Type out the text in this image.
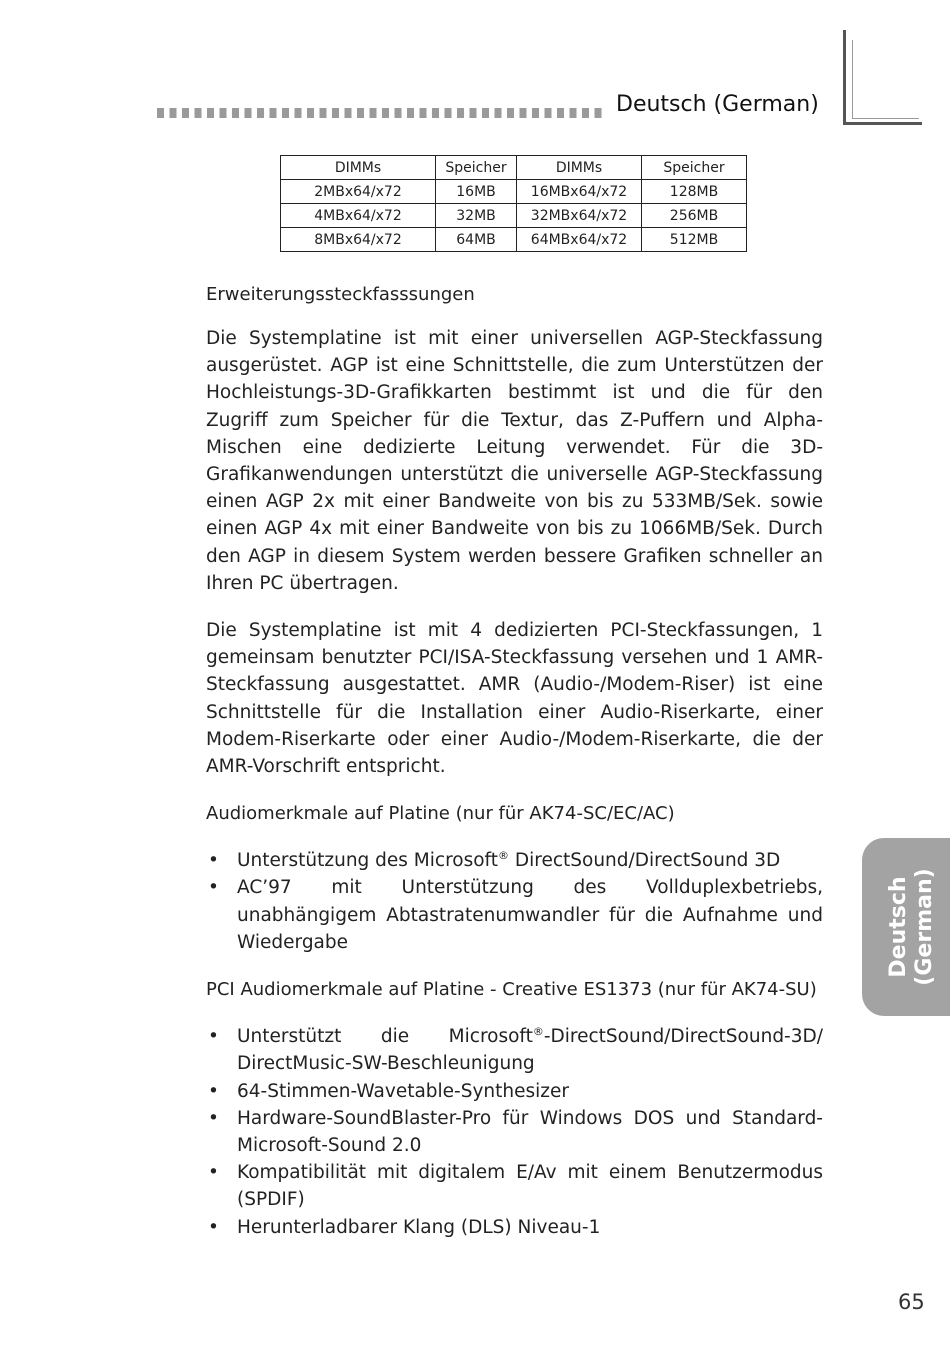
Deutsch (German)
DIMMs	Speicher	DIMMs	Speicher
2MBx64/x72	16MB	16MBx64/x72	128MB
4MBx64/x72	32MB	32MBx64/x72	256MB
8MBx64/x72	64MB	64MBx64/x72	512MB

Erweiterungssteckfasssungen

Die Systemplatine ist mit einer universellen AGP-Steckfassung ausgerüstet. AGP ist eine Schnittstelle, die zum Unterstützen der Hochleistungs-3D-Grafikkarten bestimmt ist und die für den Zugriff zum Speicher für die Textur, das Z-Puffern und Alpha-Mischen eine dedizierte Leitung verwendet. Für die 3D-Grafikanwendungen unterstützt die universelle AGP-Steckfassung einen AGP 2x mit einer Bandweite von bis zu 533MB/Sek. sowie einen AGP 4x mit einer Bandweite von bis zu 1066MB/Sek. Durch den AGP in diesem System werden bessere Grafiken schneller an Ihren PC übertragen.

Die Systemplatine ist mit 4 dedizierten PCI-Steckfassungen, 1 gemeinsam benutzter PCI/ISA-Steckfassung versehen und 1 AMR-Steckfassung ausgestattet. AMR (Audio-/Modem-Riser) ist eine Schnittstelle für die Installation einer Audio-Riserkarte, einer Modem-Riserkarte oder einer Audio-/Modem-Riserkarte, die der AMR-Vorschrift entspricht.

Audiomerkmale auf Platine (nur für AK74-SC/EC/AC)

• Unterstützung des Microsoft® DirectSound/DirectSound 3D
• AC’97 mit Unterstützung des Vollduplexbetriebs, unabhängigem Abtastratenumwandler für die Aufnahme und Wiedergabe

PCI Audiomerkmale auf Platine - Creative ES1373 (nur für AK74-SU)

• Unterstützt die Microsoft®-DirectSound/DirectSound-3D/ DirectMusic-SW-Beschleunigung
• 64-Stimmen-Wavetable-Synthesizer
• Hardware-SoundBlaster-Pro für Windows DOS und Standard-Microsoft-Sound 2.0
• Kompatibilität mit digitalem E/Av mit einem Benutzermodus (SPDIF)
• Herunterladbarer Klang (DLS) Niveau-1
Deutsch (German)
65
